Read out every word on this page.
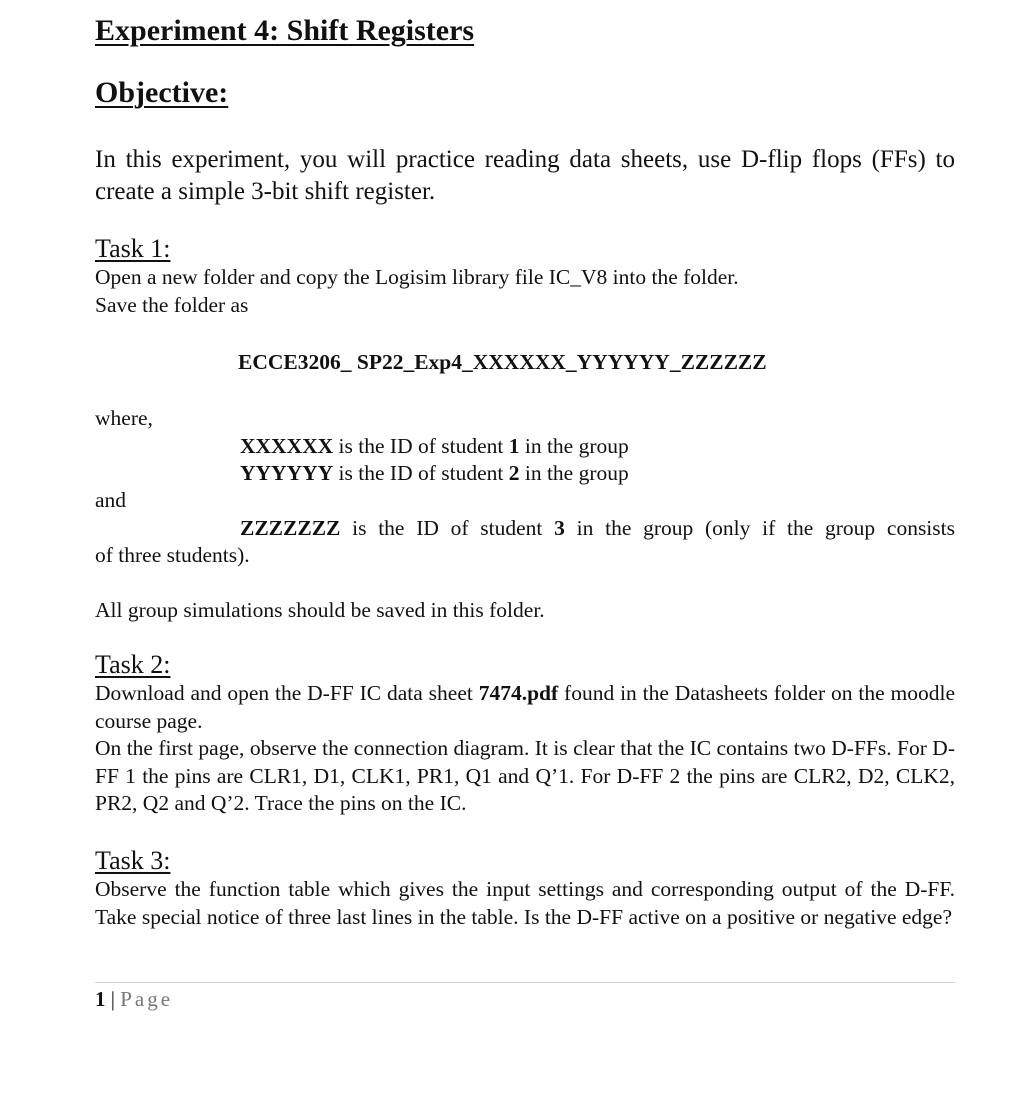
Experiment 4: Shift Registers
Objective:
In this experiment, you will practice reading data sheets, use D-flip flops (FFs) to create a simple 3-bit shift register.
Task 1:
Open a new folder and copy the Logisim library file IC_V8 into the folder.
Save the folder as
ECCE3206_ SP22_Exp4_XXXXXX_YYYYYY_ZZZZZZ
where,
XXXXXX is the ID of student 1 in the group
YYYYYY is the ID of student 2 in the group
and
ZZZZZZZ is the ID of student 3 in the group (only if the group consists
of three students).
All group simulations should be saved in this folder.
Task 2:
Download and open the D-FF IC data sheet 7474.pdf found in the Datasheets folder on the moodle course page.
On the first page, observe the connection diagram. It is clear that the IC contains two D-FFs. For D-FF 1 the pins are CLR1, D1, CLK1, PR1, Q1 and Q’1. For D-FF 2 the pins are CLR2, D2, CLK2, PR2, Q2 and Q’2. Trace the pins on the IC.
Task 3:
Observe the function table which gives the input settings and corresponding output of the D-FF. Take special notice of three last lines in the table. Is the D-FF active on a positive or negative edge?
1 | Page
